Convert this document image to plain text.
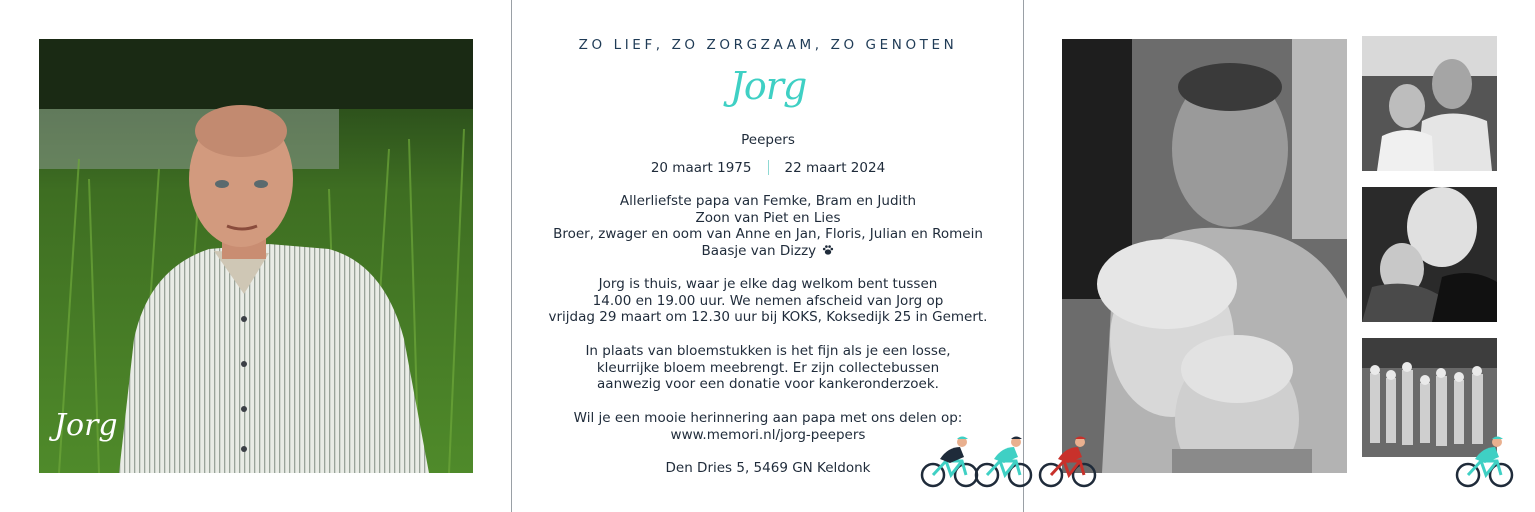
Jorg
ZO LIEF, ZO ZORGZAAM, ZO GENOTEN
Jorg
Peepers
20 maart 1975 22 maart 2024
Allerliefste papa van Femke, Bram en Judith
Zoon van Piet en Lies
Broer, zwager en oom van Anne en Jan, Floris, Julian en Romein
Baasje van Dizzy
Jorg is thuis, waar je elke dag welkom bent tussen
14.00 en 19.00 uur. We nemen afscheid van Jorg op
vrijdag 29 maart om 12.30 uur bij KOKS, Koksedijk 25 in Gemert.
In plaats van bloemstukken is het fijn als je een losse,
kleurrijke bloem meebrengt. Er zijn collectebussen
aanwezig voor een donatie voor kankeronderzoek.
Wil je een mooie herinnering aan papa met ons delen op:
www.memori.nl/jorg-peepers
Den Dries 5, 5469 GN Keldonk
